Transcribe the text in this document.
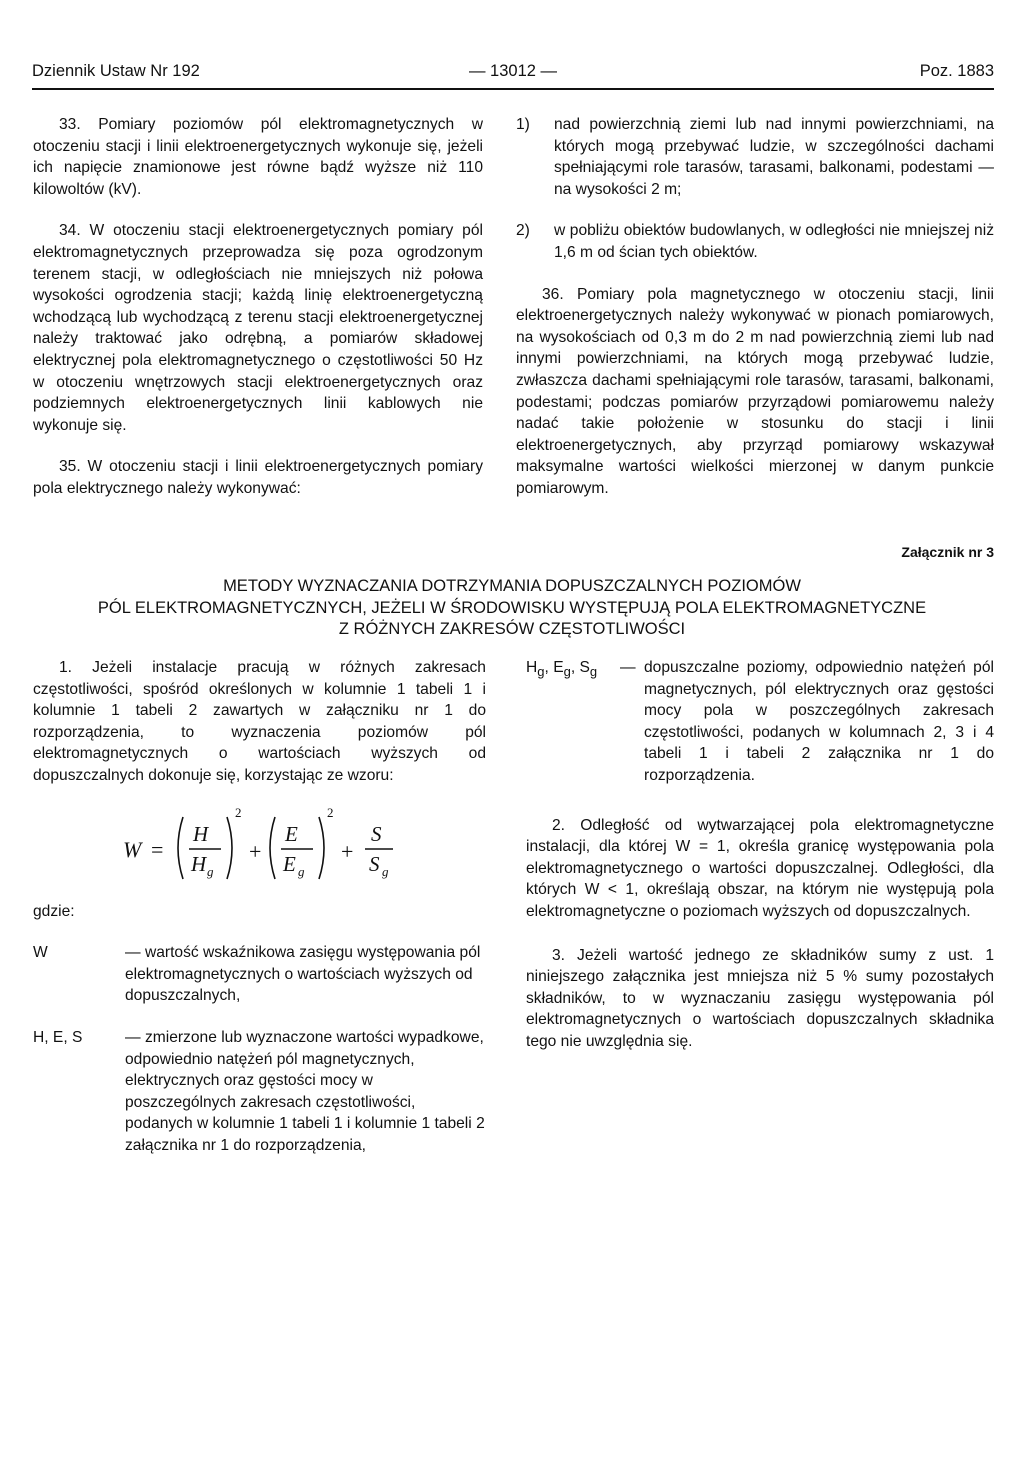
Dziennik Ustaw Nr 192	— 13012 —	Poz. 1883

33. Pomiary poziomów pól elektromagnetycznych w otoczeniu stacji i linii elektroenergetycznych wykonuje się, jeżeli ich napięcie znamionowe jest równe bądź wyższe niż 110 kilowoltów (kV).

34. W otoczeniu stacji elektroenergetycznych pomiary pól elektromagnetycznych przeprowadza się poza ogrodzonym terenem stacji, w odległościach nie mniejszych niż połowa wysokości ogrodzenia stacji; każdą linię elektroenergetyczną wchodzącą lub wychodzącą z terenu stacji elektroenergetycznej należy traktować jako odrębną, a pomiarów składowej elektrycznej pola elektromagnetycznego o częstotliwości 50 Hz w otoczeniu wnętrzowych stacji elektroenergetycznych oraz podziemnych elektroenergetycznych linii kablowych nie wykonuje się.

35. W otoczeniu stacji i linii elektroenergetycznych pomiary pola elektrycznego należy wykonywać:

1) nad powierzchnią ziemi lub nad innymi powierzchniami, na których mogą przebywać ludzie, w szczególności dachami spełniającymi role tarasów, tarasami, balkonami, podestami — na wysokości 2 m;

2) w pobliżu obiektów budowlanych, w odległości nie mniejszej niż 1,6 m od ścian tych obiektów.

36. Pomiary pola magnetycznego w otoczeniu stacji, linii elektroenergetycznych należy wykonywać w pionach pomiarowych, na wysokościach od 0,3 m do 2 m nad powierzchnią ziemi lub nad innymi powierzchniami, na których mogą przebywać ludzie, zwłaszcza dachami spełniającymi role tarasów, tarasami, balkonami, podestami; podczas pomiarów przyrządowi pomiarowemu należy nadać takie położenie w stosunku do stacji i linii elektroenergetycznych, aby przyrząd pomiarowy wskazywał maksymalne wartości wielkości mierzonej w danym punkcie pomiarowym.

Załącznik nr 3
METODY WYZNACZANIA DOTRZYMANIA DOPUSZCZALNYCH POZIOMÓW
PÓL ELEKTROMAGNETYCZNYCH, JEŻELI W ŚRODOWISKU WYSTĘPUJĄ POLA ELEKTROMAGNETYCZNE
Z RÓŻNYCH ZAKRESÓW CZĘSTOTLIWOŚCI

1. Jeżeli instalacje pracują w różnych zakresach częstotliwości, spośród określonych w kolumnie 1 tabeli 1 i kolumnie 1 tabeli 2 zawartych w załączniku nr 1 do rozporządzenia, to wyznaczenia poziomów pól elektromagnetycznych o wartościach wyższych od dopuszczalnych dokonuje się, korzystając ze wzoru:

W =
H
H g
2
+
E
E g
2
+
S
S g

gdzie:

W	— wartość wskaźnikowa zasięgu występowania pól elektromagnetycznych o wartościach wyższych od dopuszczalnych,

H, E, S	— zmierzone lub wyznaczone wartości wypadkowe, odpowiednio natężeń pól magnetycznych, elektrycznych oraz gęstości mocy w poszczególnych zakresach częstotliwości, podanych w kolumnie 1 tabeli 1 i kolumnie 1 tabeli 2 załącznika nr 1 do rozporządzenia,

$H_g$, $E_g$, $S_g$ — dopuszczalne poziomy, odpowiednio natężeń pól magnetycznych, pól elektrycznych oraz gęstości mocy pola w poszczególnych zakresach częstotliwości, podanych w kolumnach 2, 3 i 4 tabeli 1 i tabeli 2 załącznika nr 1 do rozporządzenia.

2. Odległość od wytwarzającej pola elektromagnetyczne instalacji, dla której W = 1, określa granicę występowania pola elektromagnetycznego o wartości dopuszczalnej. Odległości, dla których W < 1, określają obszar, na którym nie występują pola elektromagnetyczne o poziomach wyższych od dopuszczalnych.

3. Jeżeli wartość jednego ze składników sumy z ust. 1 niniejszego załącznika jest mniejsza niż 5 % sumy pozostałych składników, to w wyznaczaniu zasięgu występowania pól elektromagnetycznych o wartościach dopuszczalnych składnika tego nie uwzględnia się.
